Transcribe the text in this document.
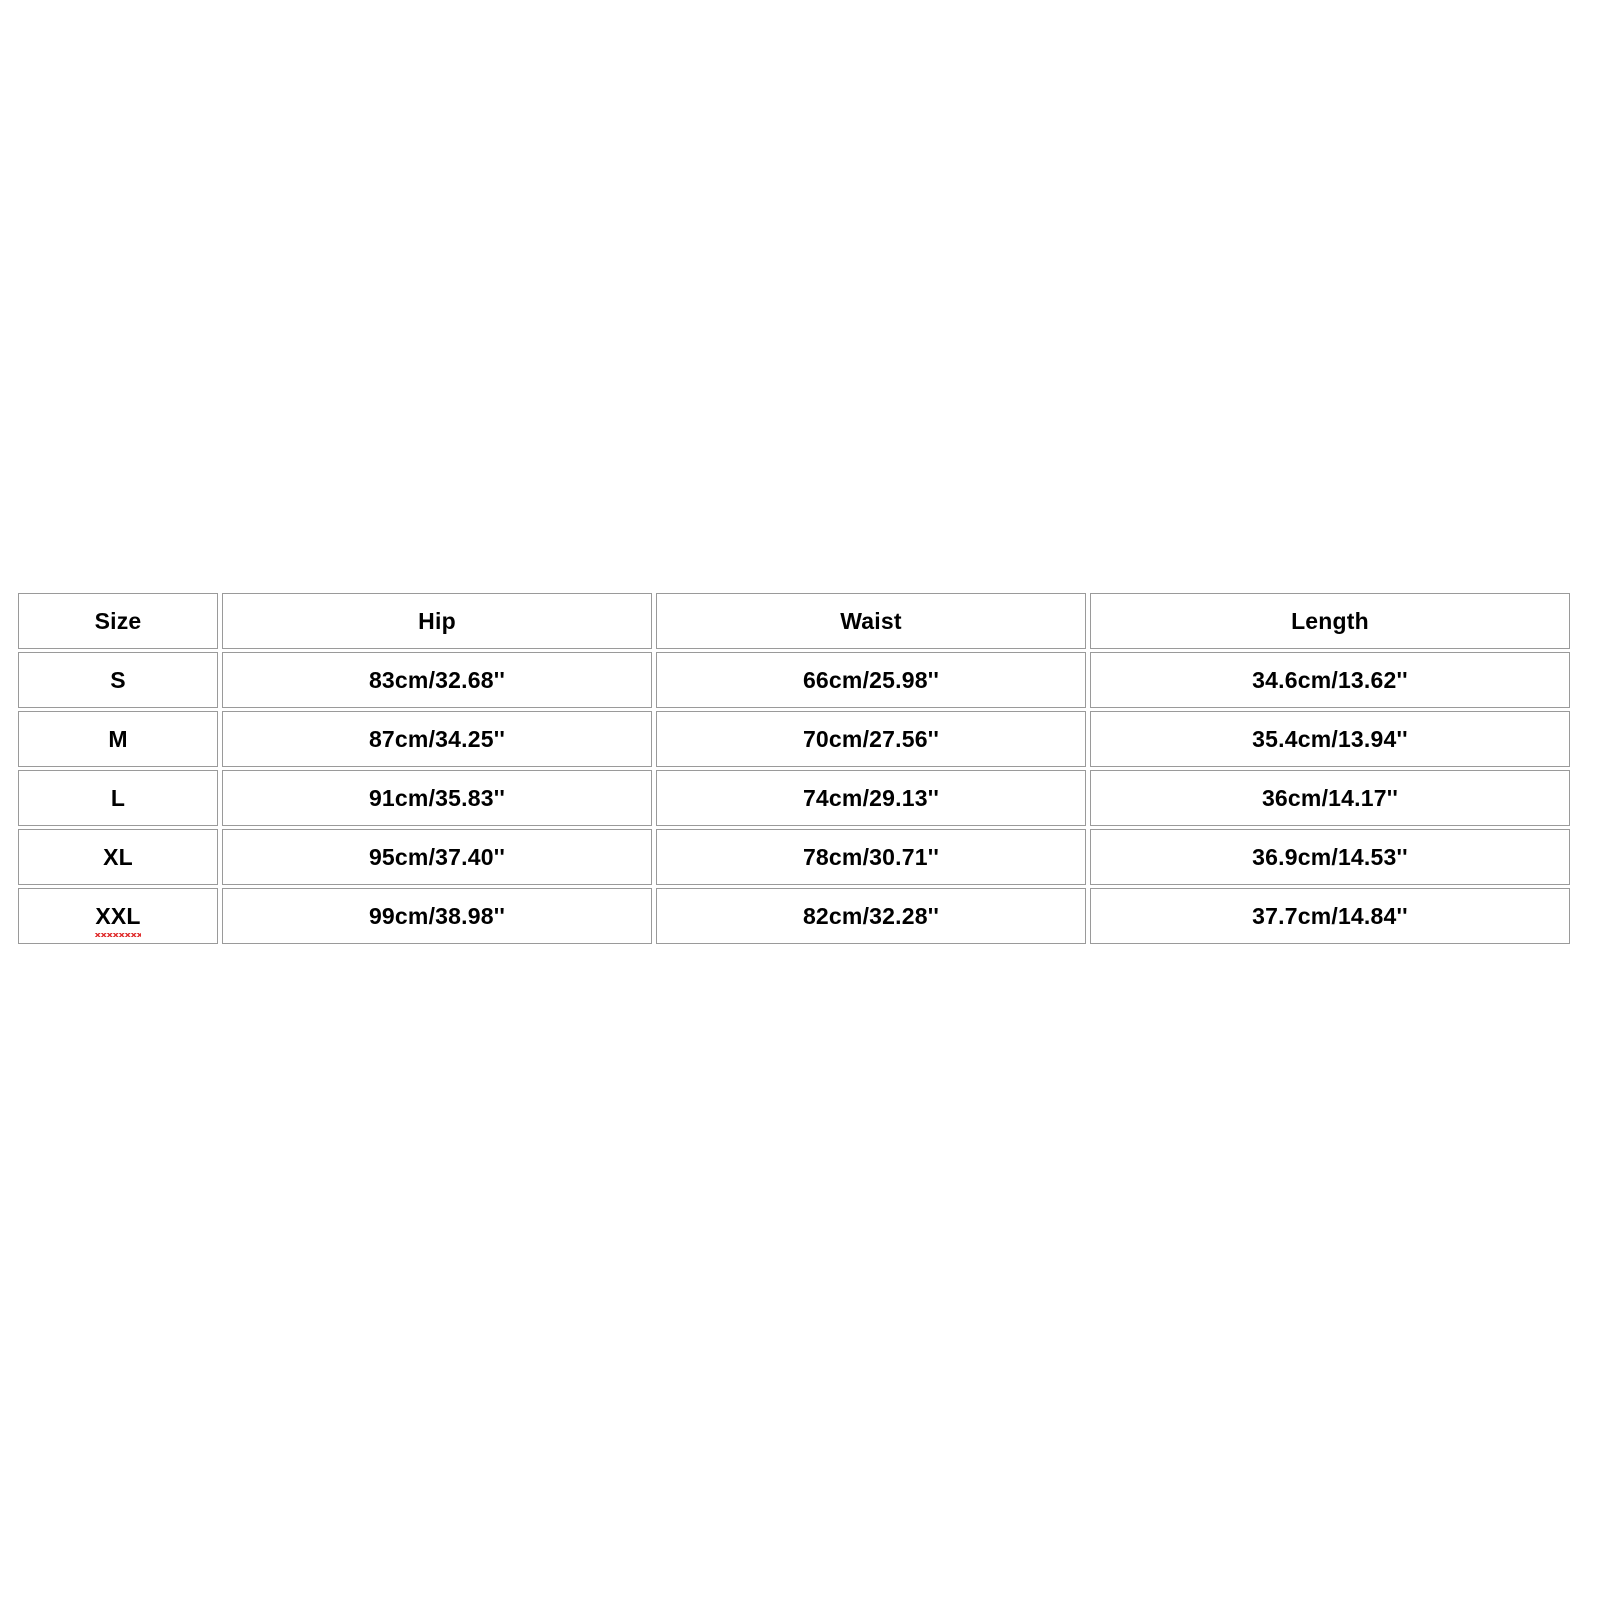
Size	Hip	Waist	Length
S	83cm/32.68''	66cm/25.98''	34.6cm/13.62''
M	87cm/34.25''	70cm/27.56''	35.4cm/13.94''
L	91cm/35.83''	74cm/29.13''	36cm/14.17''
XL	95cm/37.40''	78cm/30.71''	36.9cm/14.53''
XXL	99cm/38.98''	82cm/32.28''	37.7cm/14.84''
